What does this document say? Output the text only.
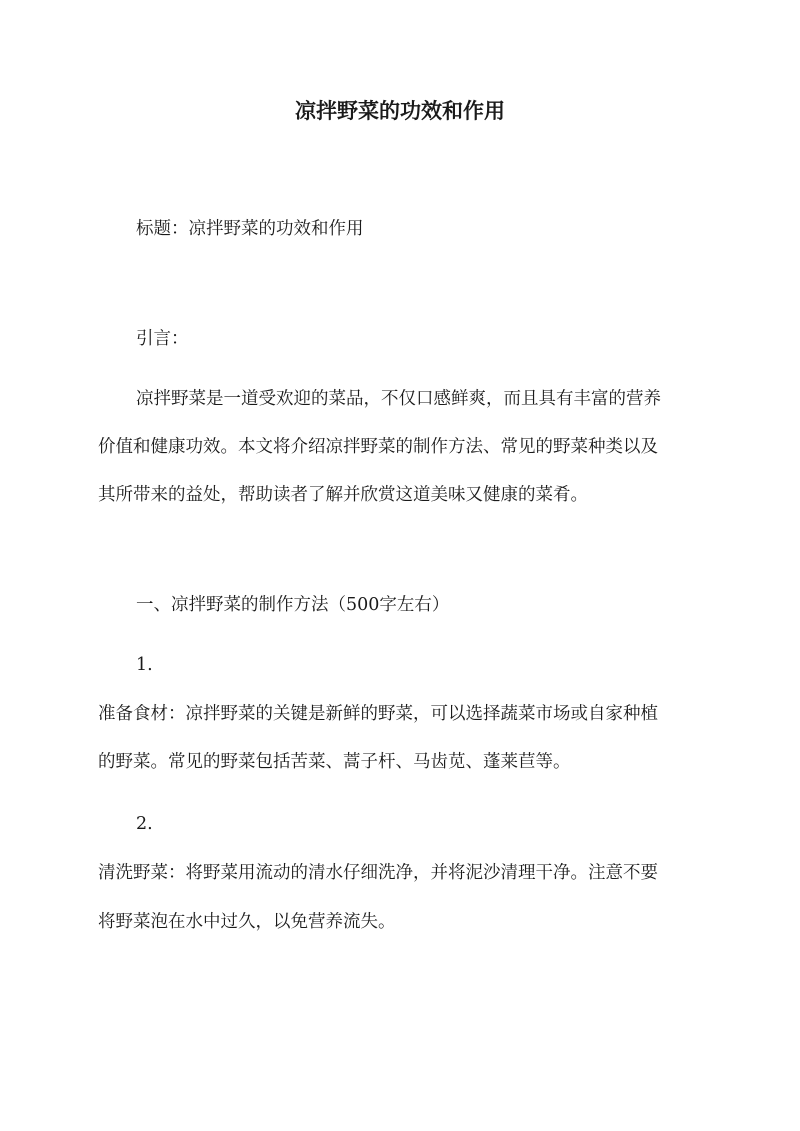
凉拌野菜的功效和作用
标题：凉拌野菜的功效和作用
引言：
凉拌野菜是一道受欢迎的菜品，不仅口感鲜爽，而且具有丰富的营养
价值和健康功效。本文将介绍凉拌野菜的制作方法、常见的野菜种类以及
其所带来的益处，帮助读者了解并欣赏这道美味又健康的菜肴。
一、凉拌野菜的制作方法（500字左右）
1.
准备食材：凉拌野菜的关键是新鲜的野菜，可以选择蔬菜市场或自家种植
的野菜。常见的野菜包括苦菜、蒿子杆、马齿苋、蓬莱苣等。
2.
清洗野菜：将野菜用流动的清水仔细洗净，并将泥沙清理干净。注意不要
将野菜泡在水中过久，以免营养流失。
